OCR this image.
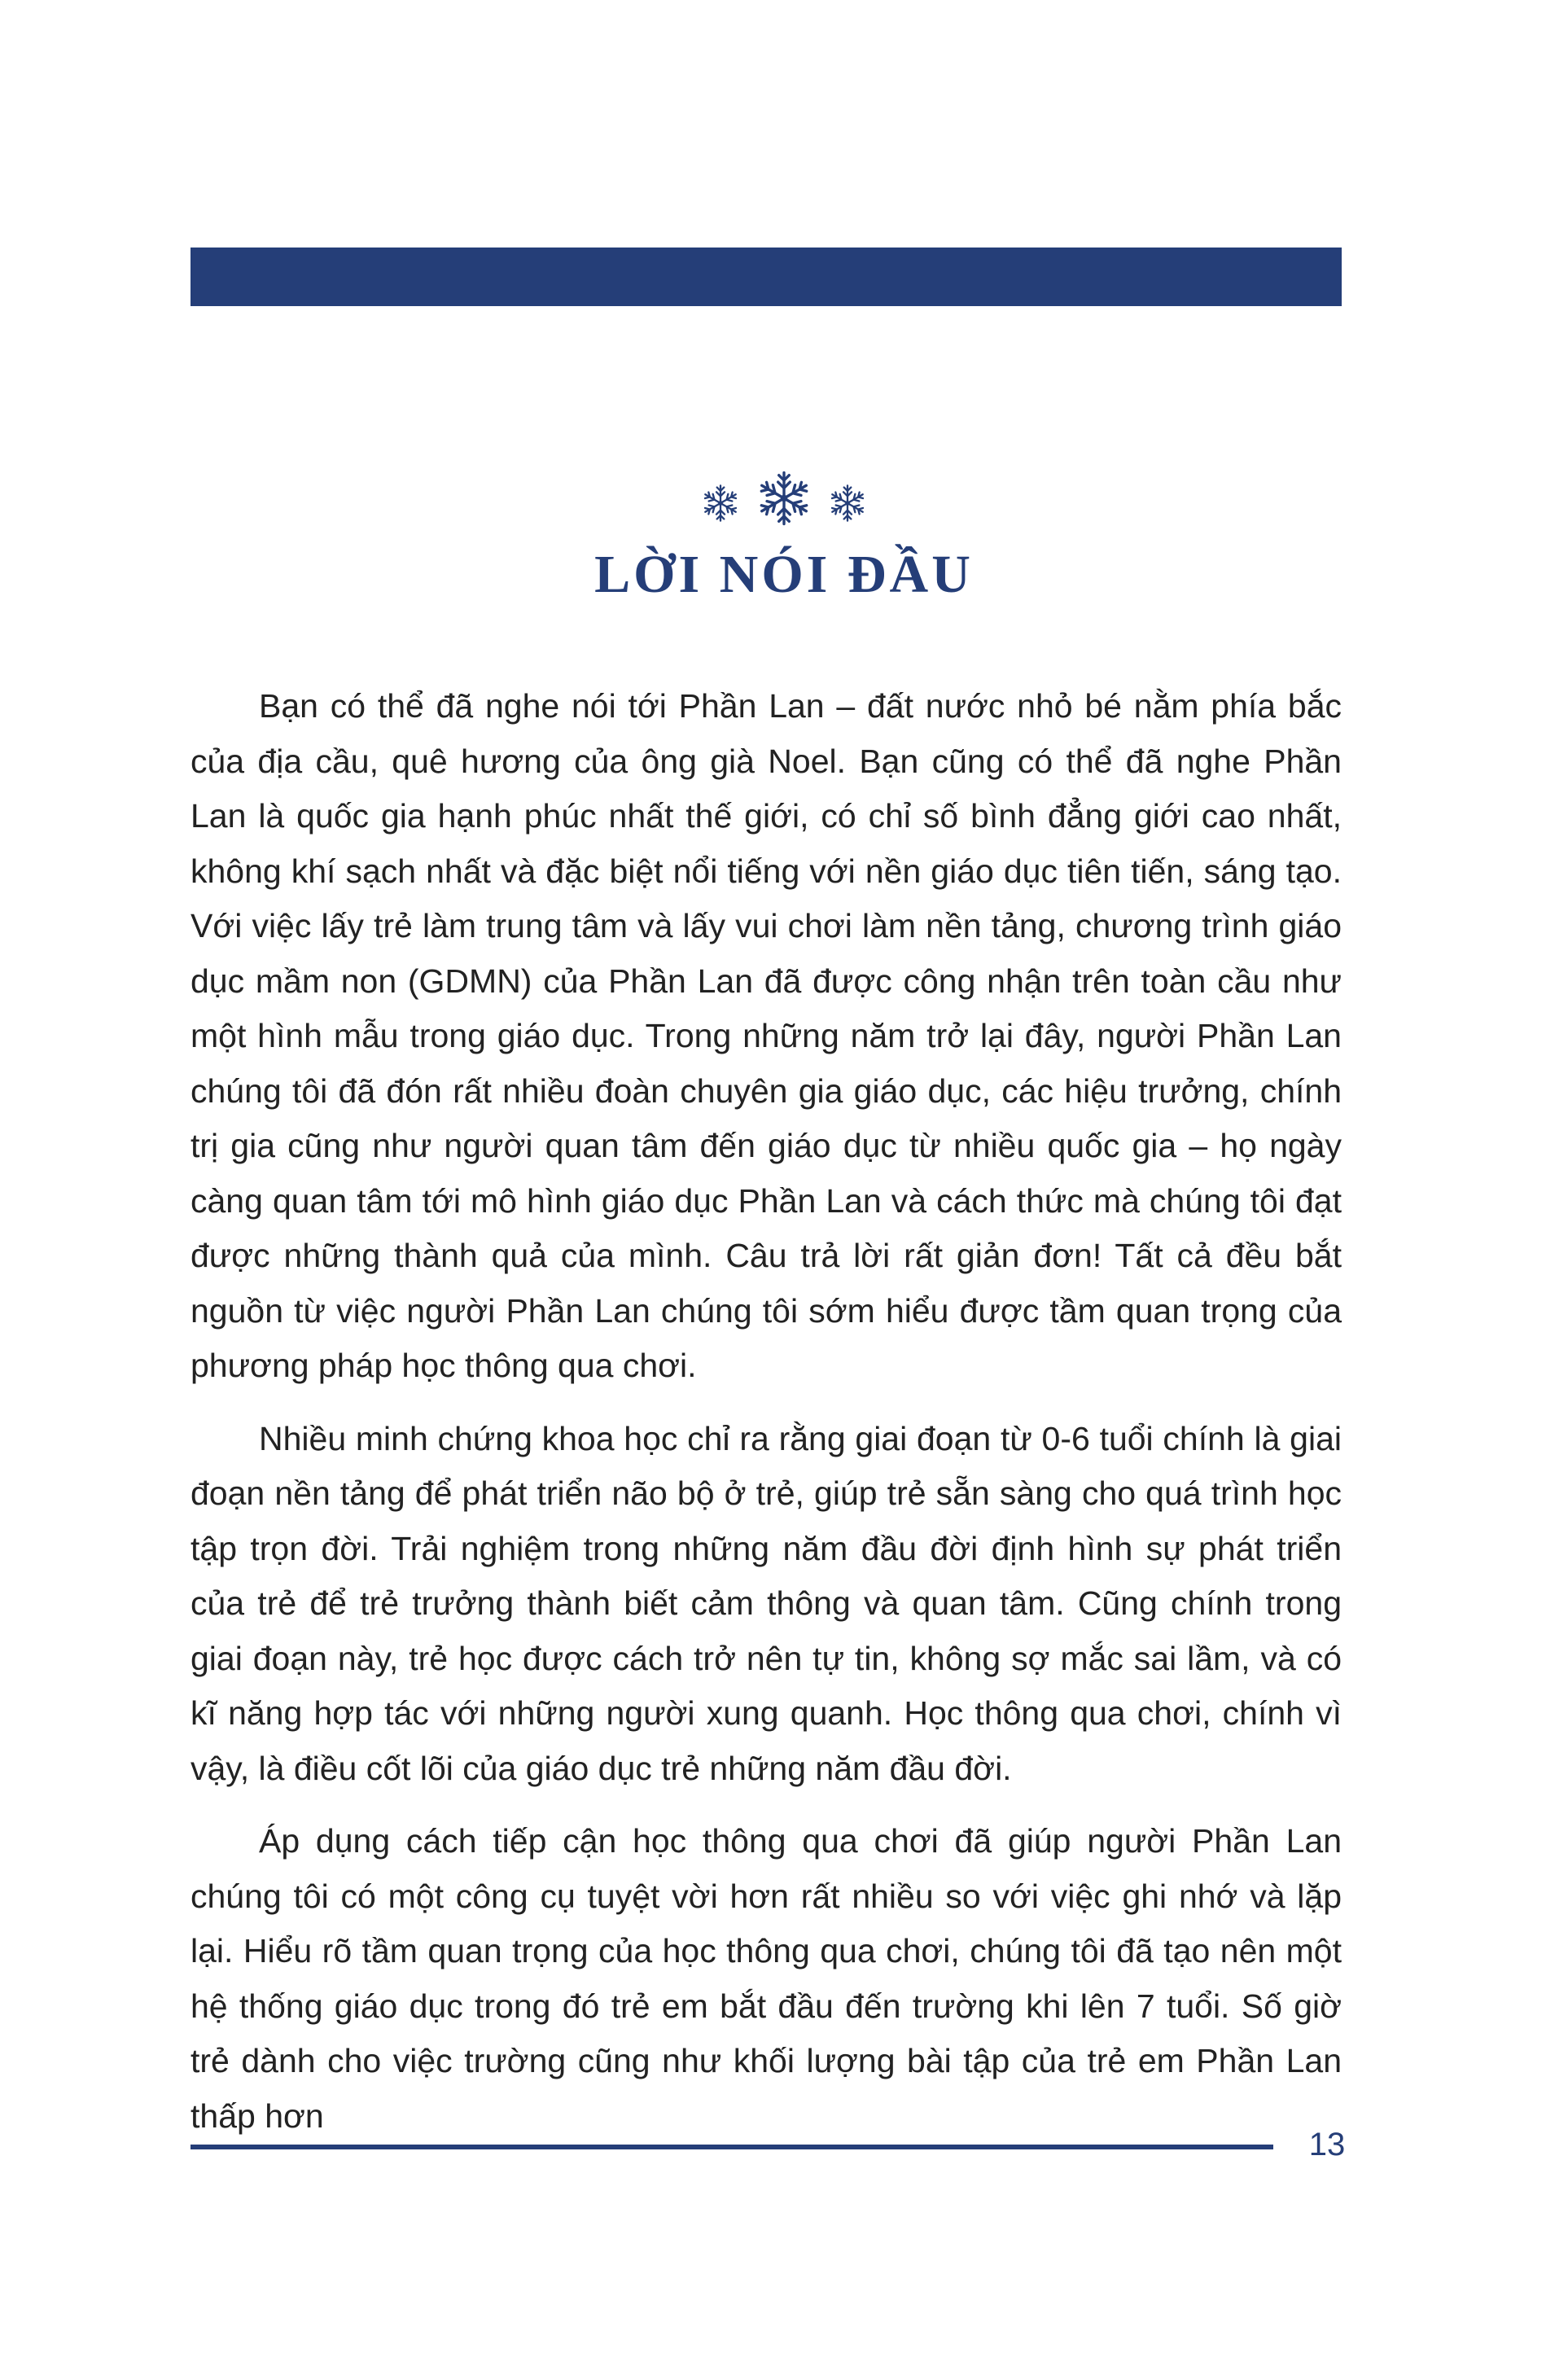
LỜI NÓI ĐẦU

Bạn có thể đã nghe nói tới Phần Lan – đất nước nhỏ bé nằm phía bắc của địa cầu, quê hương của ông già Noel. Bạn cũng có thể đã nghe Phần Lan là quốc gia hạnh phúc nhất thế giới, có chỉ số bình đẳng giới cao nhất, không khí sạch nhất và đặc biệt nổi tiếng với nền giáo dục tiên tiến, sáng tạo. Với việc lấy trẻ làm trung tâm và lấy vui chơi làm nền tảng, chương trình giáo dục mầm non (GDMN) của Phần Lan đã được công nhận trên toàn cầu như một hình mẫu trong giáo dục. Trong những năm trở lại đây, người Phần Lan chúng tôi đã đón rất nhiều đoàn chuyên gia giáo dục, các hiệu trưởng, chính trị gia cũng như người quan tâm đến giáo dục từ nhiều quốc gia – họ ngày càng quan tâm tới mô hình giáo dục Phần Lan và cách thức mà chúng tôi đạt được những thành quả của mình. Câu trả lời rất giản đơn! Tất cả đều bắt nguồn từ việc người Phần Lan chúng tôi sớm hiểu được tầm quan trọng của phương pháp học thông qua chơi.

Nhiều minh chứng khoa học chỉ ra rằng giai đoạn từ 0-6 tuổi chính là giai đoạn nền tảng để phát triển não bộ ở trẻ, giúp trẻ sẵn sàng cho quá trình học tập trọn đời. Trải nghiệm trong những năm đầu đời định hình sự phát triển của trẻ để trẻ trưởng thành biết cảm thông và quan tâm. Cũng chính trong giai đoạn này, trẻ học được cách trở nên tự tin, không sợ mắc sai lầm, và có kĩ năng hợp tác với những người xung quanh. Học thông qua chơi, chính vì vậy, là điều cốt lõi của giáo dục trẻ những năm đầu đời.

Áp dụng cách tiếp cận học thông qua chơi đã giúp người Phần Lan chúng tôi có một công cụ tuyệt vời hơn rất nhiều so với việc ghi nhớ và lặp lại. Hiểu rõ tầm quan trọng của học thông qua chơi, chúng tôi đã tạo nên một hệ thống giáo dục trong đó trẻ em bắt đầu đến trường khi lên 7 tuổi. Số giờ trẻ dành cho việc trường cũng như khối lượng bài tập của trẻ em Phần Lan thấp hơn

13
